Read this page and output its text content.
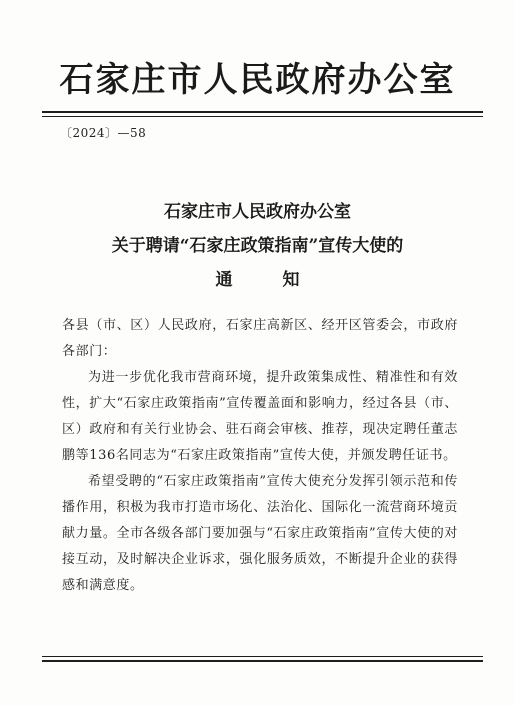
石家庄市人民政府办公室
〔2024〕—58
石家庄市人民政府办公室
关于聘请“石家庄政策指南”宣传大使的
通知

各县（市、区）人民政府，石家庄高新区、经开区管委会，市政府各部门：

为进一步优化我市营商环境，提升政策集成性、精准性和有效性，扩大“石家庄政策指南”宣传覆盖面和影响力，经过各县（市、区）政府和有关行业协会、驻石商会审核、推荐，现决定聘任董志鹏等136名同志为“石家庄政策指南”宣传大使，并颁发聘任证书。

希望受聘的“石家庄政策指南”宣传大使充分发挥引领示范和传播作用，积极为我市打造市场化、法治化、国际化一流营商环境贡献力量。全市各级各部门要加强与“石家庄政策指南”宣传大使的对接互动，及时解决企业诉求，强化服务质效，不断提升企业的获得感和满意度。
